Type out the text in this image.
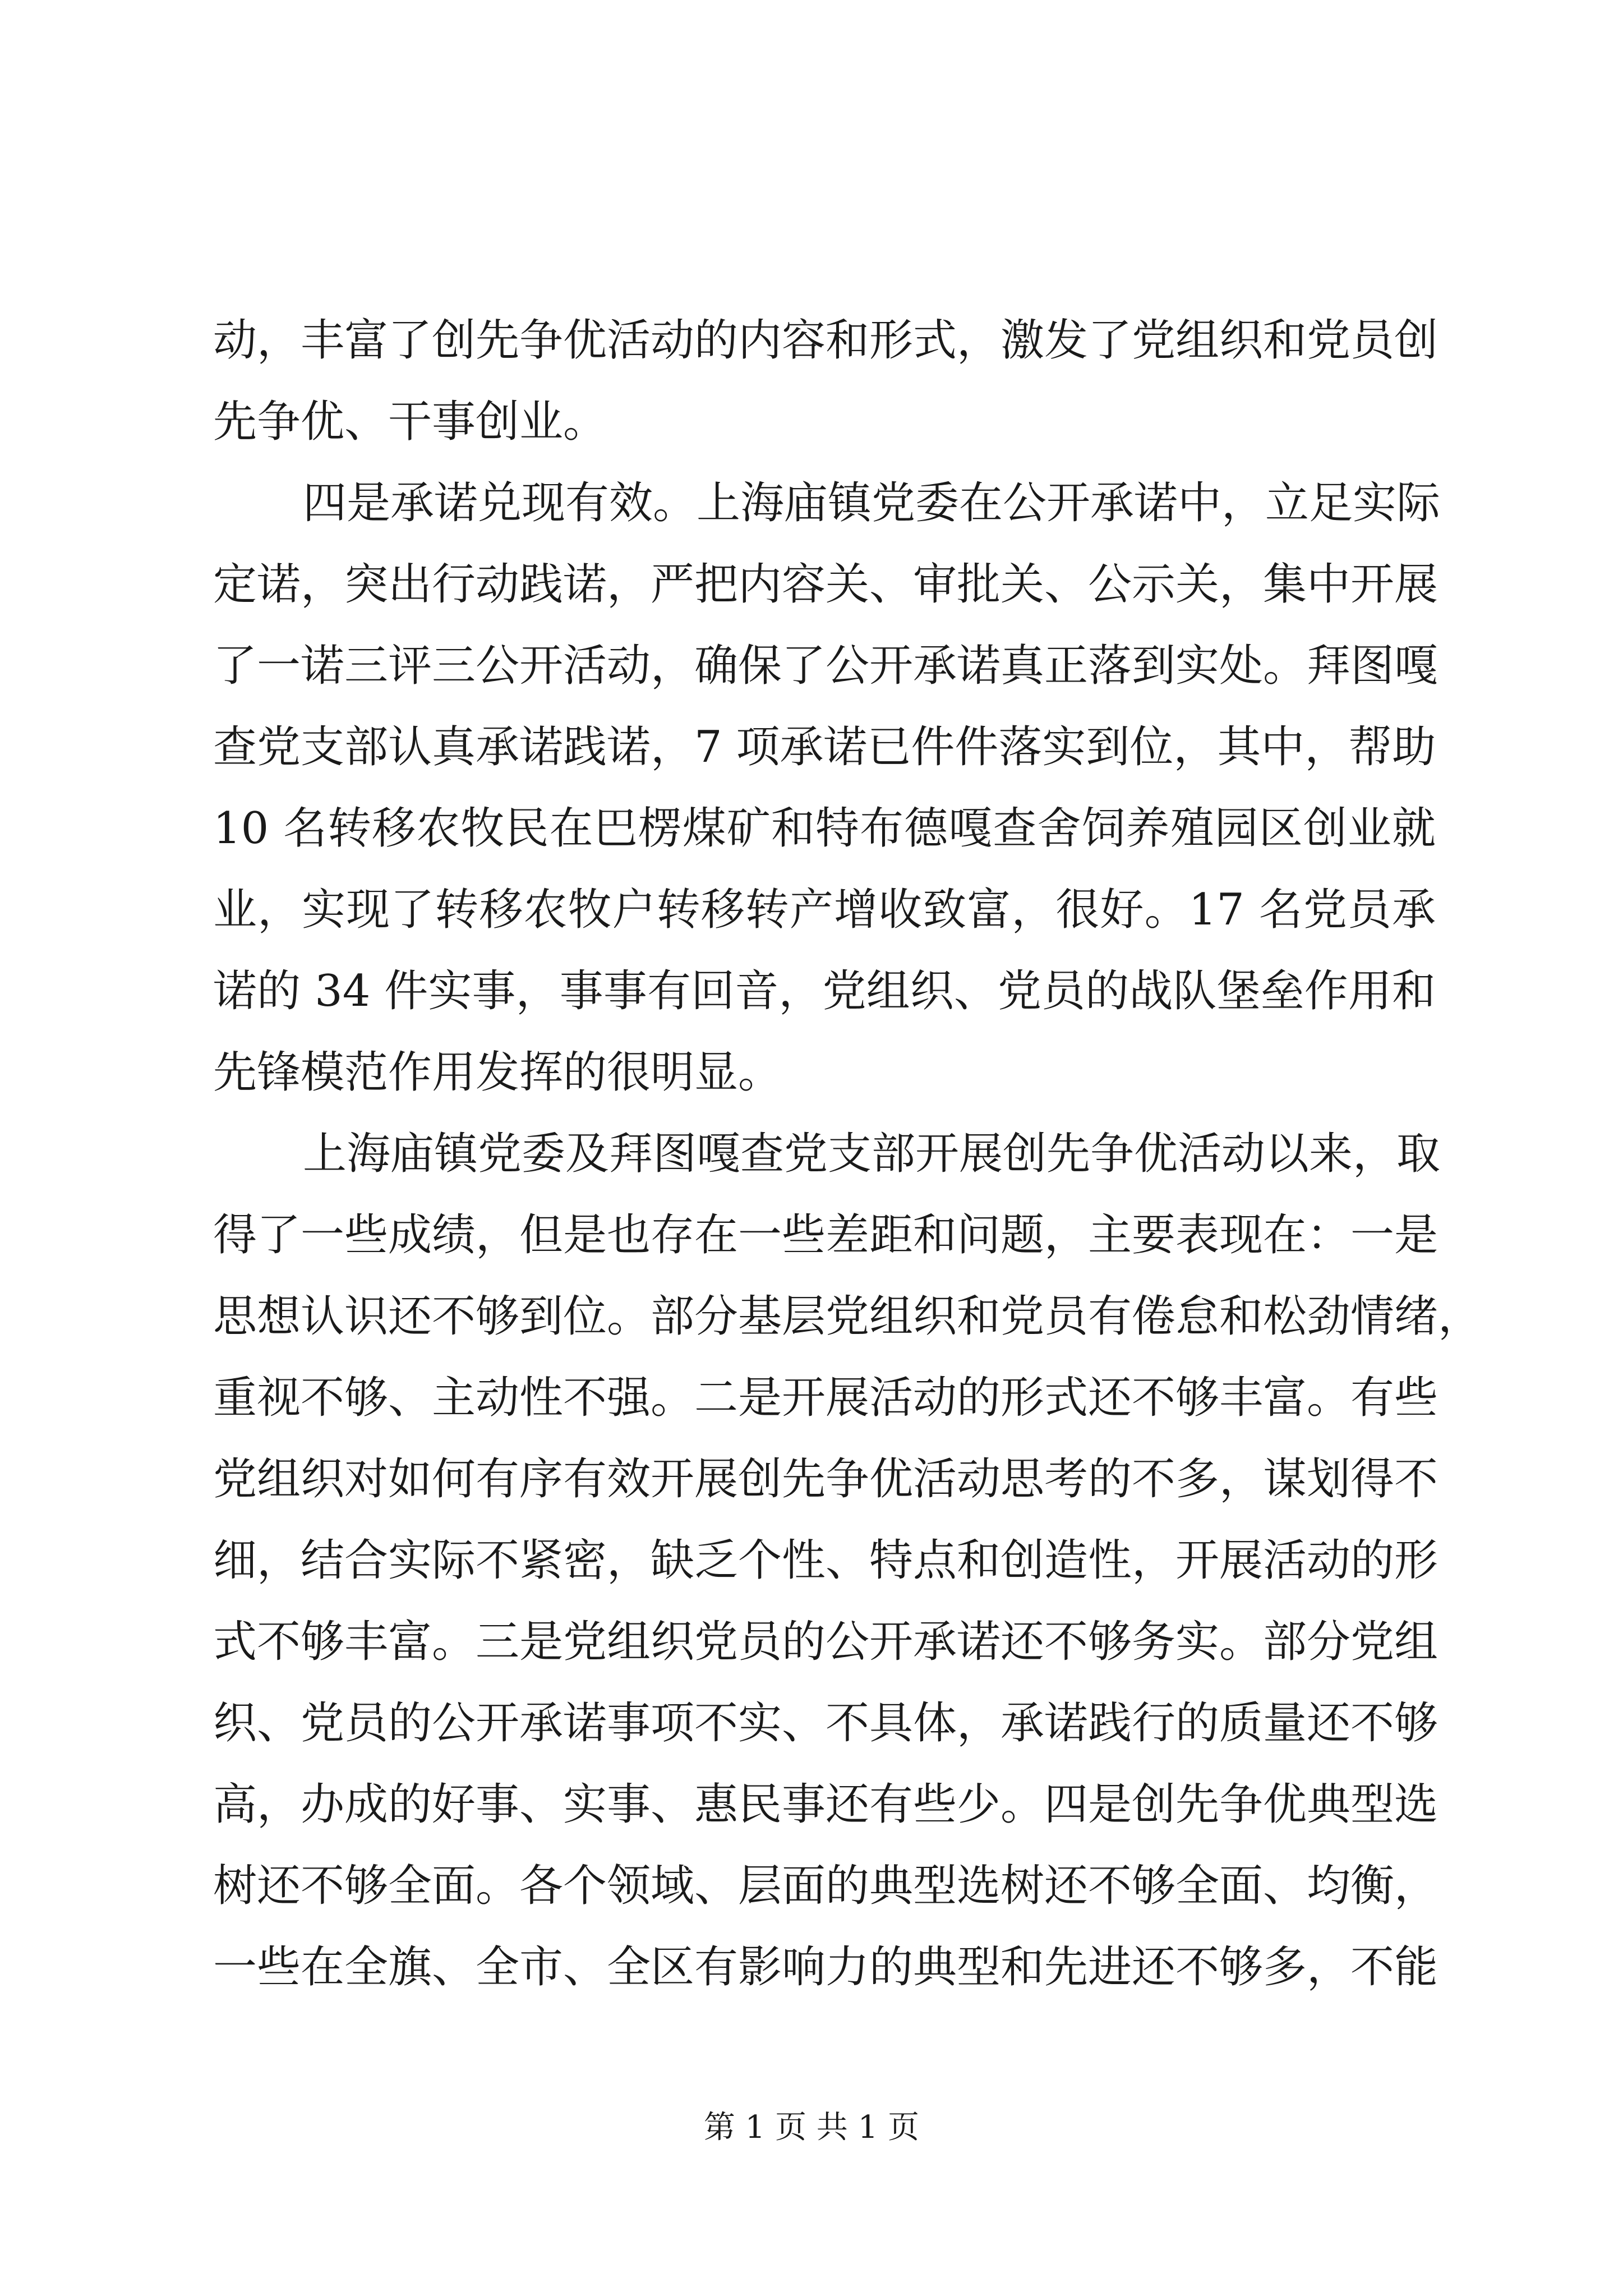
动，丰富了创先争优活动的内容和形式，激发了党组织和党员创
先争优、干事创业。
四是承诺兑现有效。上海庙镇党委在公开承诺中，立足实际
定诺，突出行动践诺，严把内容关、审批关、公示关，集中开展
了一诺三评三公开活动，确保了公开承诺真正落到实处。拜图嘎
查党支部认真承诺践诺，7 项承诺已件件落实到位，其中，帮助
10 名转移农牧民在巴楞煤矿和特布德嘎查舍饲养殖园区创业就
业，实现了转移农牧户转移转产增收致富，很好。17 名党员承
诺的 34 件实事，事事有回音，党组织、党员的战队堡垒作用和
先锋模范作用发挥的很明显。
上海庙镇党委及拜图嘎查党支部开展创先争优活动以来，取
得了一些成绩，但是也存在一些差距和问题，主要表现在：一是
思想认识还不够到位。部分基层党组织和党员有倦怠和松劲情绪，
重视不够、主动性不强。二是开展活动的形式还不够丰富。有些
党组织对如何有序有效开展创先争优活动思考的不多，谋划得不
细，结合实际不紧密，缺乏个性、特点和创造性，开展活动的形
式不够丰富。三是党组织党员的公开承诺还不够务实。部分党组
织、党员的公开承诺事项不实、不具体，承诺践行的质量还不够
高，办成的好事、实事、惠民事还有些少。四是创先争优典型选
树还不够全面。各个领域、层面的典型选树还不够全面、均衡，
一些在全旗、全市、全区有影响力的典型和先进还不够多，不能
第 1 页 共 1 页
